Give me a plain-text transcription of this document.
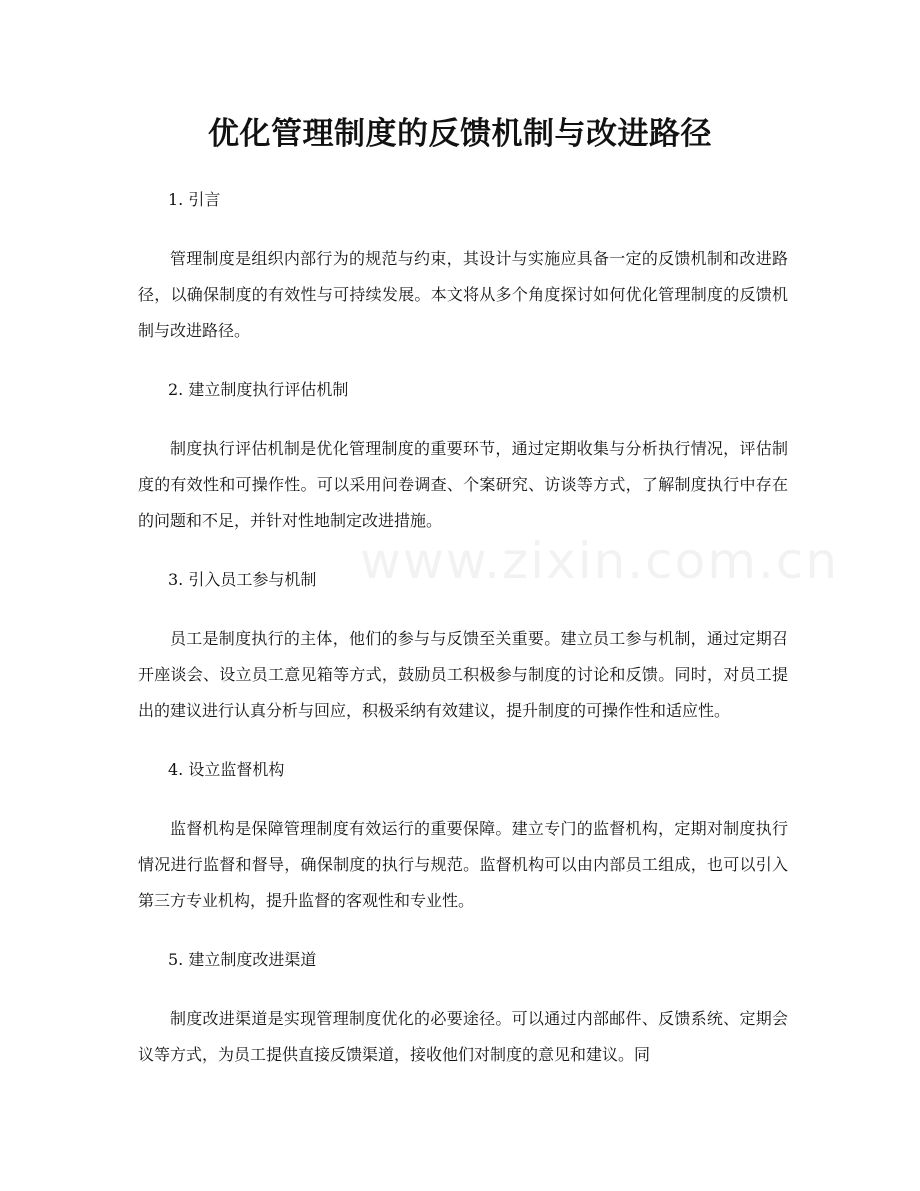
优化管理制度的反馈机制与改进路径
www.zixin.com.cn

1. 引言

管理制度是组织内部行为的规范与约束，其设计与实施应具备一定的反馈机制和改进路径，以确保制度的有效性与可持续发展。本文将从多个角度探讨如何优化管理制度的反馈机制与改进路径。

2. 建立制度执行评估机制

制度执行评估机制是优化管理制度的重要环节，通过定期收集与分析执行情况，评估制度的有效性和可操作性。可以采用问卷调查、个案研究、访谈等方式，了解制度执行中存在的问题和不足，并针对性地制定改进措施。

3. 引入员工参与机制

员工是制度执行的主体，他们的参与与反馈至关重要。建立员工参与机制，通过定期召开座谈会、设立员工意见箱等方式，鼓励员工积极参与制度的讨论和反馈。同时，对员工提出的建议进行认真分析与回应，积极采纳有效建议，提升制度的可操作性和适应性。

4. 设立监督机构

监督机构是保障管理制度有效运行的重要保障。建立专门的监督机构，定期对制度执行情况进行监督和督导，确保制度的执行与规范。监督机构可以由内部员工组成，也可以引入第三方专业机构，提升监督的客观性和专业性。

5. 建立制度改进渠道

制度改进渠道是实现管理制度优化的必要途径。可以通过内部邮件、反馈系统、定期会议等方式，为员工提供直接反馈渠道，接收他们对制度的意见和建议。同
